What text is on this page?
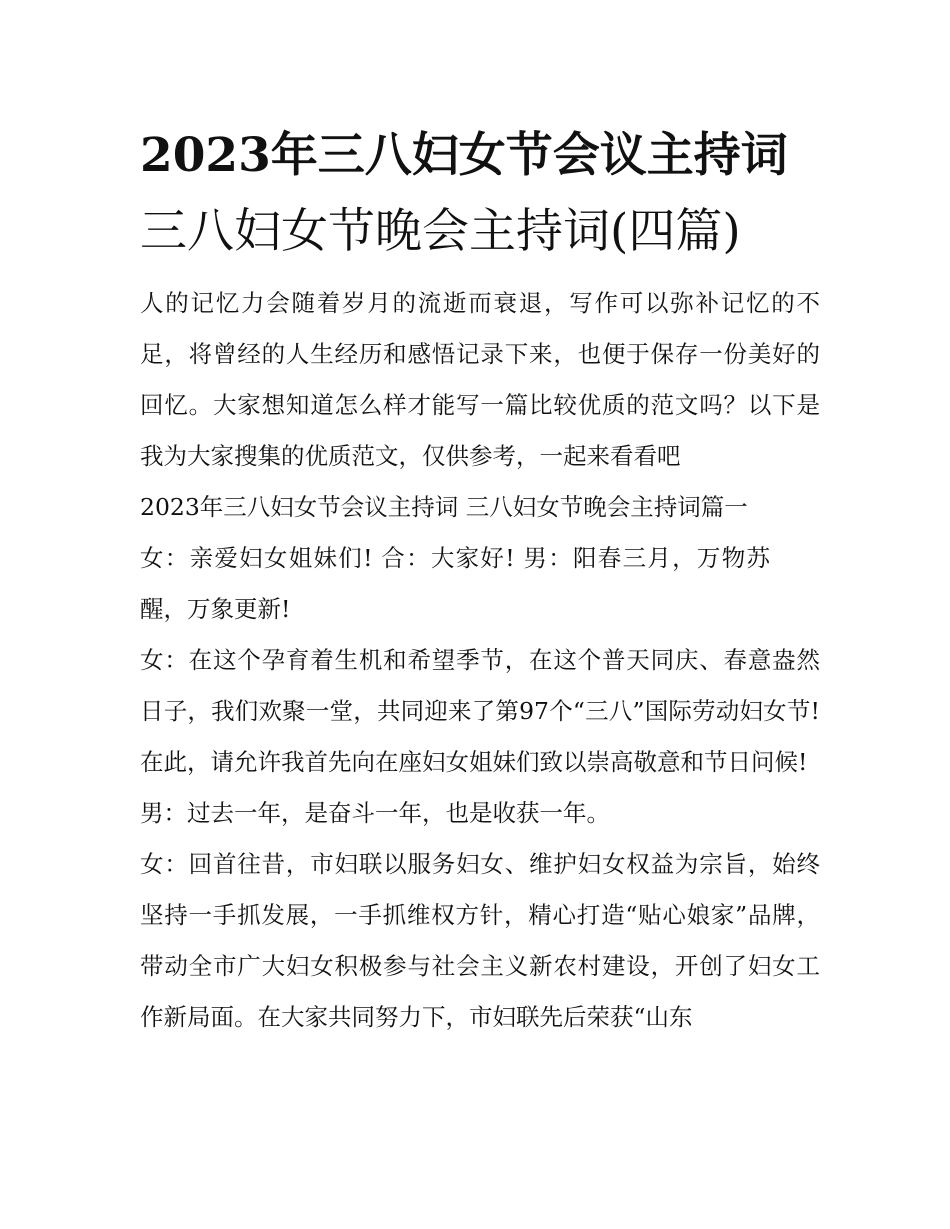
2023年三八妇女节会议主持词
三八妇女节晚会主持词(四篇)

人的记忆力会随着岁月的流逝而衰退，写作可以弥补记忆的不足，将曾经的人生经历和感悟记录下来，也便于保存一份美好的回忆。大家想知道怎么样才能写一篇比较优质的范文吗？以下是我为大家搜集的优质范文，仅供参考，一起来看看吧

2023年三八妇女节会议主持词 三八妇女节晚会主持词篇一

女：亲爱妇女姐妹们! 合：大家好! 男：阳春三月，万物苏醒，万象更新!

女：在这个孕育着生机和希望季节，在这个普天同庆、春意盎然日子，我们欢聚一堂，共同迎来了第97个“三八”国际劳动妇女节!在此，请允许我首先向在座妇女姐妹们致以崇高敬意和节日问候!

男：过去一年，是奋斗一年，也是收获一年。

女：回首往昔，市妇联以服务妇女、维护妇女权益为宗旨，始终坚持一手抓发展，一手抓维权方针，精心打造“贴心娘家”品牌，带动全市广大妇女积极参与社会主义新农村建设，开创了妇女工作新局面。在大家共同努力下，市妇联先后荣获“山东
